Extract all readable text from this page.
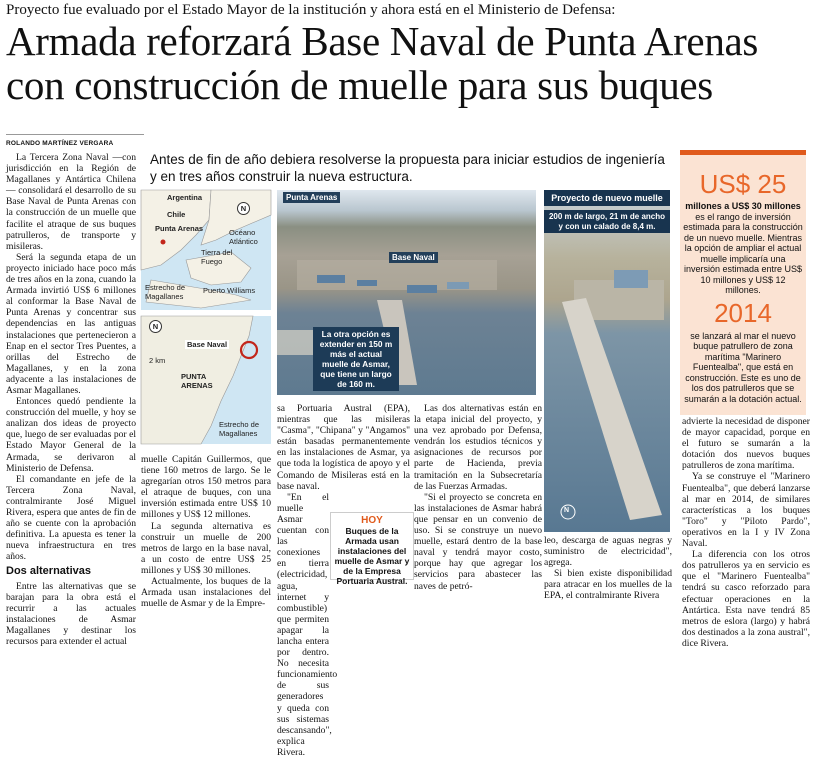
Proyecto fue evaluado por el Estado Mayor de la institución y ahora está en el Ministerio de Defensa:
Armada reforzará Base Naval de Punta Arenas
con construcción de muelle para sus buques
ROLANDO MARTÍNEZ VERGARA

La Tercera Zona Naval —con jurisdicción en la Región de Magallanes y Antártica Chilena— consolidará el desarrollo de su Base Naval de Punta Arenas con la construcción de un muelle que facilite el atraque de sus buques patrulleros, de transporte y misileras.

Será la segunda etapa de un proyecto iniciado hace poco más de tres años en la zona, cuando la Armada invirtió US$ 6 millones al conformar la Base Naval de Punta Arenas y concentrar sus dependencias en las antiguas instalaciones que pertenecieron a Enap en el sector Tres Puentes, a orillas del Estrecho de Magallanes, y en la zona adyacente a las instalaciones de Asmar Magallanes.

Entonces quedó pendiente la construcción del muelle, y hoy se analizan dos ideas de proyecto que, luego de ser evaluadas por el Estado Mayor General de la Armada, se derivaron al Ministerio de Defensa.

El comandante en jefe de la Tercera Zona Naval, contralmirante José Miguel Rivera, espera que antes de fin de año se cuente con la aprobación definitiva. La apuesta es tener la nueva infraestructura en tres años.

Dos alternativas

Entre las alternativas que se barajan para la obra está el recurrir a las actuales instalaciones de Asmar Magallanes y destinar los recursos para extender el actual

Antes de fin de año debiera resolverse la propuesta para iniciar estudios de ingeniería y en tres años construir la nueva estructura.
Argentina
Chile
Punta Arenas	Océano Atlántico
Tierra del Fuego
Estrecho de Magallanes
Puerto Williams
N
N
Base Naval
2 km
PUNTA ARENAS
Estrecho de Magallanes
Punta Arenas
Base Naval
La otra opción es extender en 150 m más el actual muelle de Asmar, que tiene un largo de 160 m.
Proyecto de nuevo muelle
200 m de largo, 21 m de ancho y con un calado de 8,4 m.
N
US$ 25
millones a US$ 30 millones es el rango de inversión estimada para la construcción de un nuevo muelle. Mientras la opción de ampliar el actual muelle implicaría una inversión estimada entre US$ 10 millones y US$ 12 millones.
2014
se lanzará al mar el nuevo buque patrullero de zona marítima "Marinero Fuentealba", que está en construcción. Este es uno de los dos patrulleros que se sumarán a la dotación actual.

muelle Capitán Guillermos, que tiene 160 metros de largo. Se le agregarían otros 150 metros para el atraque de buques, con una inversión estimada entre US$ 10 millones y US$ 12 millones.

La segunda alternativa es construir un muelle de 200 metros de largo en la base naval, a un costo de entre US$ 25 millones y US$ 30 millones.

Actualmente, los buques de la Armada usan instalaciones del muelle de Asmar y de la Empre-

sa Portuaria Austral (EPA), mientras que las misileras "Casma", "Chipana" y "Angamos" están basadas permanentemente en las instalaciones de Asmar, ya que toda la logística de apoyo y el Comando de Misileras está en la base naval.

"En el muelle Asmar cuentan con las conexiones en tierra (electricidad, agua, internet y combustible) que permiten apagar la lancha entera por dentro. No necesita funcionamiento de sus generadores y queda con sus sistemas descansando", explica Rivera.

HOY
Buques de la Armada usan instalaciones del muelle de Asmar y de la Empresa Portuaria Austral.

Las dos alternativas están en la etapa inicial del proyecto, y una vez aprobado por Defensa, vendrán los estudios técnicos y asignaciones de recursos por parte de Hacienda, previa tramitación en la Subsecretaría de las Fuerzas Armadas.

"Si el proyecto se concreta en las instalaciones de Asmar habrá que pensar en un convenio de uso. Si se construye un nuevo muelle, estará dentro de la base naval y tendrá mayor costo, porque hay que agregar los servicios para abastecer las naves de petró-

leo, descarga de aguas negras y suministro de electricidad", agrega.

Si bien existe disponibilidad para atracar en los muelles de la EPA, el contralmirante Rivera

advierte la necesidad de disponer de mayor capacidad, porque en el futuro se sumarán a la dotación dos nuevos buques patrulleros de zona marítima.

Ya se construye el "Marinero Fuentealba", que deberá lanzarse al mar en 2014, de similares características a los buques "Toro" y "Piloto Pardo", operativos en la I y IV Zona Naval.

La diferencia con los otros dos patrulleros ya en servicio es que el "Marinero Fuentealba" tendrá su casco reforzado para efectuar operaciones en la Antártica. Esta nave tendrá 85 metros de eslora (largo) y habrá dos destinados a la zona austral", dice Rivera.
